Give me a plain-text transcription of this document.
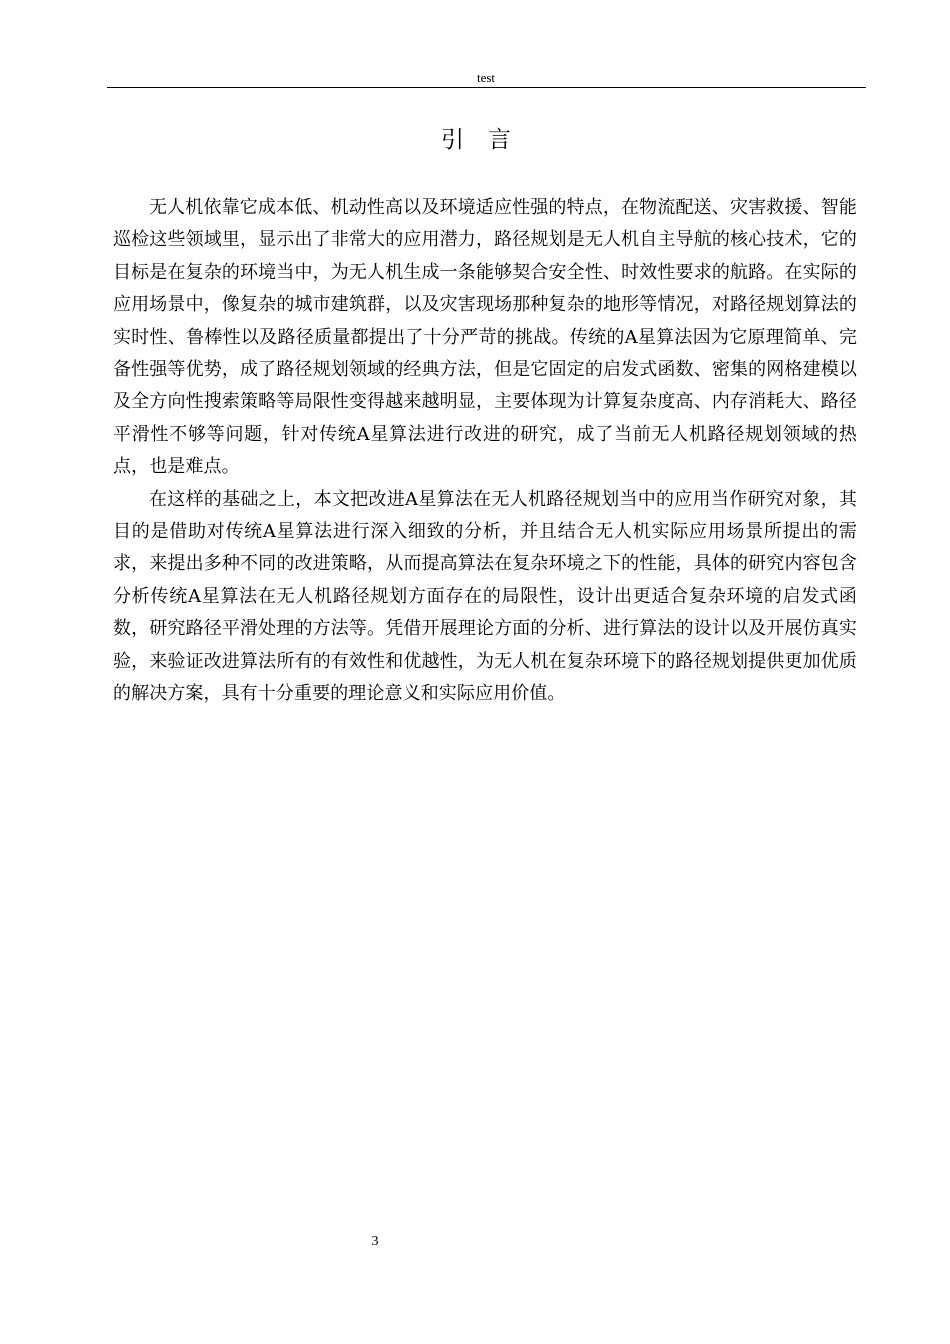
test
引言

无人机依靠它成本低、机动性高以及环境适应性强的特点，在物流配送、灾害救援、智能巡检这些领域里，显示出了非常大的应用潜力，路径规划是无人机自主导航的核心技术，它的目标是在复杂的环境当中，为无人机生成一条能够契合安全性、时效性要求的航路。在实际的应用场景中，像复杂的城市建筑群，以及灾害现场那种复杂的地形等情况，对路径规划算法的实时性、鲁棒性以及路径质量都提出了十分严苛的挑战。传统的A星算法因为它原理简单、完备性强等优势，成了路径规划领域的经典方法，但是它固定的启发式函数、密集的网格建模以及全方向性搜索策略等局限性变得越来越明显，主要体现为计算复杂度高、内存消耗大、路径平滑性不够等问题，针对传统A星算法进行改进的研究，成了当前无人机路径规划领域的热点，也是难点。

在这样的基础之上，本文把改进A星算法在无人机路径规划当中的应用当作研究对象，其目的是借助对传统A星算法进行深入细致的分析，并且结合无人机实际应用场景所提出的需求，来提出多种不同的改进策略，从而提高算法在复杂环境之下的性能，具体的研究内容包含分析传统A星算法在无人机路径规划方面存在的局限性，设计出更适合复杂环境的启发式函数，研究路径平滑处理的方法等。凭借开展理论方面的分析、进行算法的设计以及开展仿真实验，来验证改进算法所有的有效性和优越性，为无人机在复杂环境下的路径规划提供更加优质的解决方案，具有十分重要的理论意义和实际应用价值。

3
